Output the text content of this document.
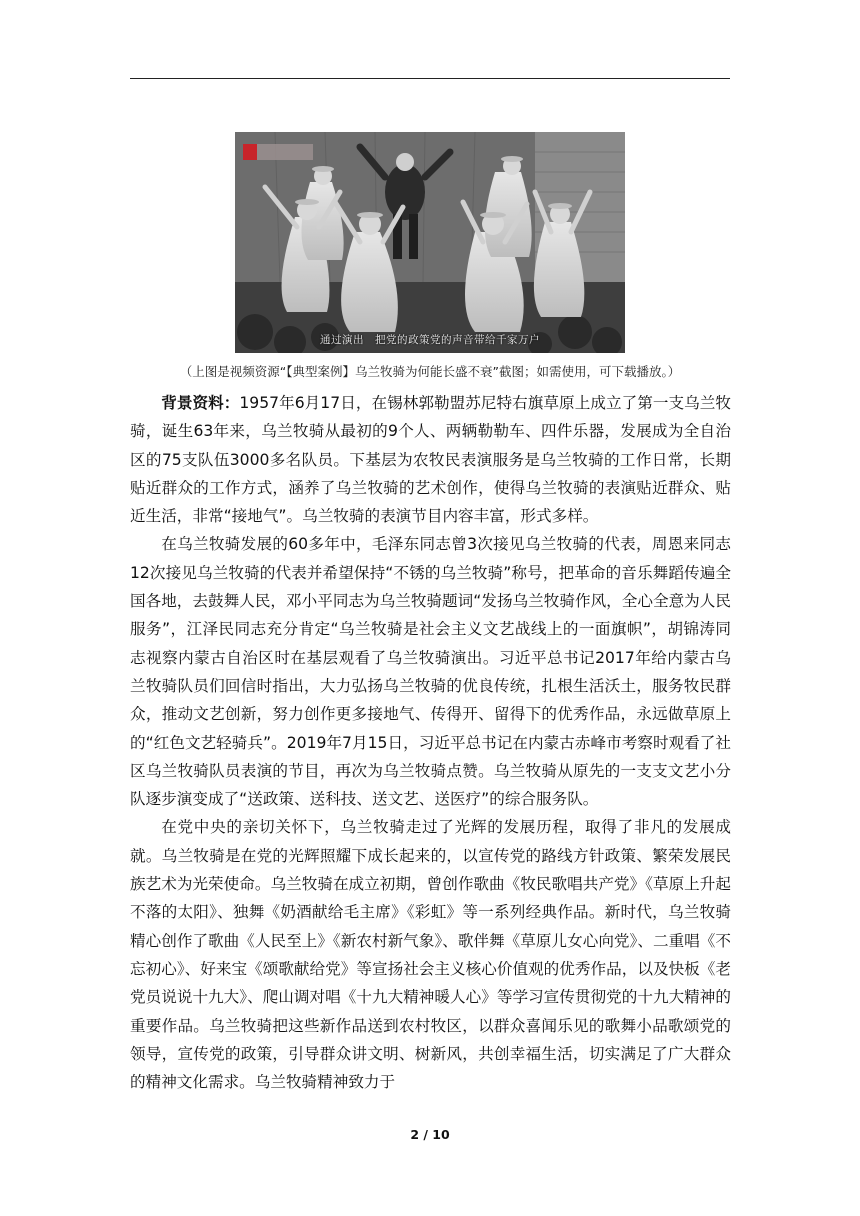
通过演出　把党的政策党的声音带给千家万户
（上图是视频资源“【典型案例】乌兰牧骑为何能长盛不衰”截图；如需使用，可下载播放。）

背景资料：1957年6月17日，在锡林郭勒盟苏尼特右旗草原上成立了第一支乌兰牧骑，诞生63年来，乌兰牧骑从最初的9个人、两辆勒勒车、四件乐器，发展成为全自治区的75支队伍3000多名队员。下基层为农牧民表演服务是乌兰牧骑的工作日常，长期贴近群众的工作方式，涵养了乌兰牧骑的艺术创作，使得乌兰牧骑的表演贴近群众、贴近生活，非常“接地气”。乌兰牧骑的表演节目内容丰富，形式多样。

在乌兰牧骑发展的60多年中，毛泽东同志曾3次接见乌兰牧骑的代表，周恩来同志12次接见乌兰牧骑的代表并希望保持“不锈的乌兰牧骑”称号，把革命的音乐舞蹈传遍全国各地，去鼓舞人民，邓小平同志为乌兰牧骑题词“发扬乌兰牧骑作风，全心全意为人民服务”，江泽民同志充分肯定“乌兰牧骑是社会主义文艺战线上的一面旗帜”，胡锦涛同志视察内蒙古自治区时在基层观看了乌兰牧骑演出。习近平总书记2017年给内蒙古乌兰牧骑队员们回信时指出，大力弘扬乌兰牧骑的优良传统，扎根生活沃土，服务牧民群众，推动文艺创新，努力创作更多接地气、传得开、留得下的优秀作品，永远做草原上的“红色文艺轻骑兵”。2019年7月15日，习近平总书记在内蒙古赤峰市考察时观看了社区乌兰牧骑队员表演的节目，再次为乌兰牧骑点赞。乌兰牧骑从原先的一支支文艺小分队逐步演变成了“送政策、送科技、送文艺、送医疗”的综合服务队。

在党中央的亲切关怀下，乌兰牧骑走过了光辉的发展历程，取得了非凡的发展成就。乌兰牧骑是在党的光辉照耀下成长起来的，以宣传党的路线方针政策、繁荣发展民族艺术为光荣使命。乌兰牧骑在成立初期，曾创作歌曲《牧民歌唱共产党》《草原上升起不落的太阳》、独舞《奶酒献给毛主席》《彩虹》等一系列经典作品。新时代，乌兰牧骑精心创作了歌曲《人民至上》《新农村新气象》、歌伴舞《草原儿女心向党》、二重唱《不忘初心》、好来宝《颂歌献给党》等宣扬社会主义核心价值观的优秀作品，以及快板《老党员说说十九大》、爬山调对唱《十九大精神暖人心》等学习宣传贯彻党的十九大精神的重要作品。乌兰牧骑把这些新作品送到农村牧区，以群众喜闻乐见的歌舞小品歌颂党的领导，宣传党的政策，引导群众讲文明、树新风，共创幸福生活，切实满足了广大群众的精神文化需求。乌兰牧骑精神致力于

2 / 10
